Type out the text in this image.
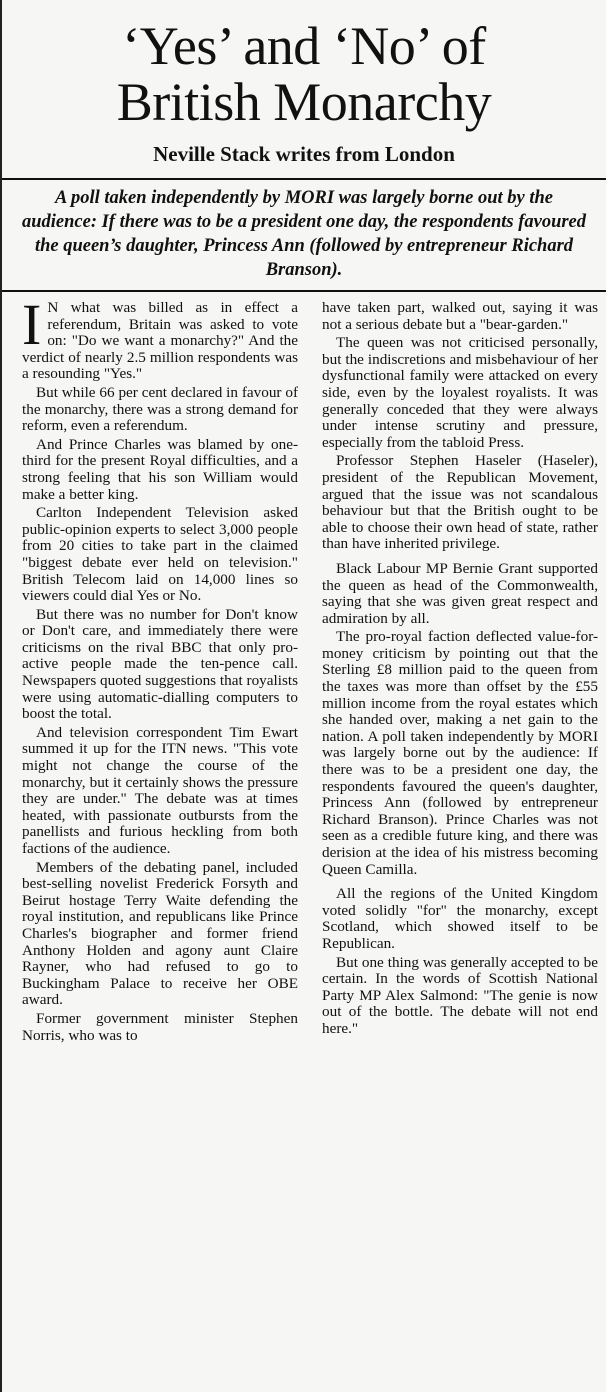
‘Yes’ and ‘No’ of
British Monarchy
Neville Stack writes from London

A poll taken independently by MORI was largely borne out by the audience: If there was to be a president one day, the respondents favoured the queen’s daughter, Princess Ann (followed by entrepreneur Richard Branson).

I N what was billed as in effect a referendum, Britain was asked to vote on: "Do we want a monarchy?" And the verdict of nearly 2.5 million respondents was a resounding "Yes."

But while 66 per cent declared in favour of the monarchy, there was a strong demand for reform, even a referendum.

And Prince Charles was blamed by one-third for the present Royal difficulties, and a strong feeling that his son William would make a better king.

Carlton Independent Television asked public-opinion experts to select 3,000 people from 20 cities to take part in the claimed "biggest debate ever held on television." British Telecom laid on 14,000 lines so viewers could dial Yes or No.

But there was no number for Don't know or Don't care, and immediately there were criticisms on the rival BBC that only pro-active people made the ten-pence call. Newspapers quoted suggestions that royalists were using automatic-dialling computers to boost the total.

And television correspondent Tim Ewart summed it up for the ITN news. "This vote might not change the course of the monarchy, but it certainly shows the pressure they are under." The debate was at times heated, with passionate outbursts from the panellists and furious heckling from both factions of the audience.

Members of the debating panel, included best-selling novelist Frederick Forsyth and Beirut hostage Terry Waite defending the royal institution, and republicans like Prince Charles's biographer and former friend Anthony Holden and agony aunt Claire Rayner, who had refused to go to Buckingham Palace to receive her OBE award.

Former government minister Stephen Norris, who was to

have taken part, walked out, saying it was not a serious debate but a "bear-garden."

The queen was not criticised personally, but the indiscretions and misbehaviour of her dysfunctional family were attacked on every side, even by the loyalest royalists. It was generally conceded that they were always under intense scrutiny and pressure, especially from the tabloid Press.

Professor Stephen Haseler (Haseler), president of the Republican Movement, argued that the issue was not scandalous behaviour but that the British ought to be able to choose their own head of state, rather than have inherited privilege.

Black Labour MP Bernie Grant supported the queen as head of the Commonwealth, saying that she was given great respect and admiration by all.

The pro-royal faction deflected value-for-money criticism by pointing out that the Sterling £8 million paid to the queen from the taxes was more than offset by the £55 million income from the royal estates which she handed over, making a net gain to the nation. A poll taken independently by MORI was largely borne out by the audience: If there was to be a president one day, the respondents favoured the queen's daughter, Princess Ann (followed by entrepreneur Richard Branson). Prince Charles was not seen as a credible future king, and there was derision at the idea of his mistress becoming Queen Camilla.

All the regions of the United Kingdom voted solidly "for" the monarchy, except Scotland, which showed itself to be Republican.

But one thing was generally accepted to be certain. In the words of Scottish National Party MP Alex Salmond: "The genie is now out of the bottle. The debate will not end here."
